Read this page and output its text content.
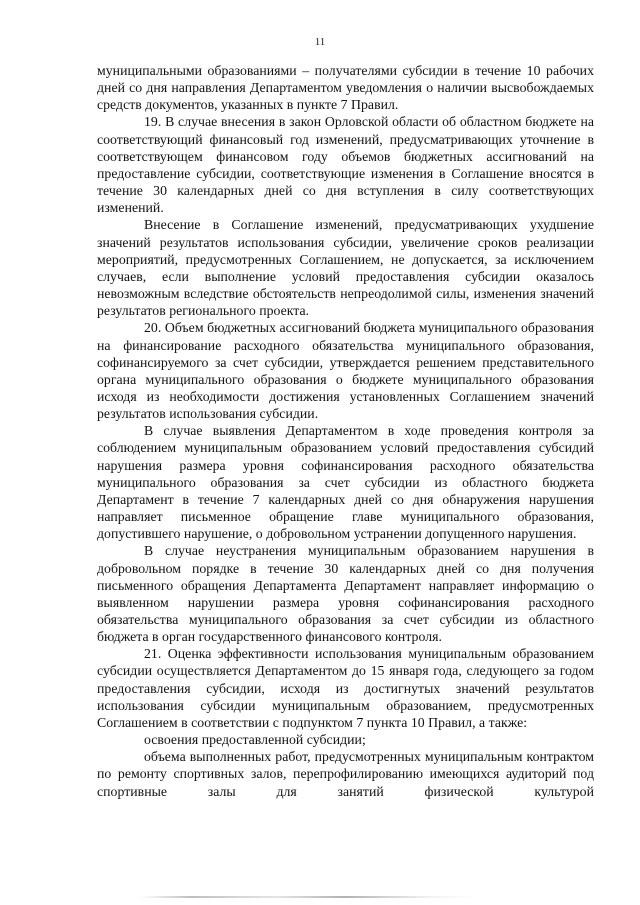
11

муниципальными образованиями – получателями субсидии в течение 10 рабочих дней со дня направления Департаментом уведомления о наличии высвобождаемых средств документов, указанных в пункте 7 Правил.

19. В случае внесения в закон Орловской области об областном бюджете на соответствующий финансовый год изменений, предусматривающих уточнение в соответствующем финансовом году объемов бюджетных ассигнований на предоставление субсидии, соответствующие изменения в Соглашение вносятся в течение 30 календарных дней со дня вступления в силу соответствующих изменений.

Внесение в Соглашение изменений, предусматривающих ухудшение значений результатов использования субсидии, увеличение сроков реализации мероприятий, предусмотренных Соглашением, не допускается, за исключением случаев, если выполнение условий предоставления субсидии оказалось невозможным вследствие обстоятельств непреодолимой силы, изменения значений результатов регионального проекта.

20. Объем бюджетных ассигнований бюджета муниципального образования на финансирование расходного обязательства муниципального образования, софинансируемого за счет субсидии, утверждается решением представительного органа муниципального образования о бюджете муниципального образования исходя из необходимости достижения установленных Соглашением значений результатов использования субсидии.

В случае выявления Департаментом в ходе проведения контроля за соблюдением муниципальным образованием условий предоставления субсидий нарушения размера уровня софинансирования расходного обязательства муниципального образования за счет субсидии из областного бюджета Департамент в течение 7 календарных дней со дня обнаружения нарушения направляет письменное обращение главе муниципального образования, допустившего нарушение, о добровольном устранении допущенного нарушения.

В случае неустранения муниципальным образованием нарушения в добровольном порядке в течение 30 календарных дней со дня получения письменного обращения Департамента Департамент направляет информацию о выявленном нарушении размера уровня софинансирования расходного обязательства муниципального образования за счет субсидии из областного бюджета в орган государственного финансового контроля.

21. Оценка эффективности использования муниципальным образованием субсидии осуществляется Департаментом до 15 января года, следующего за годом предоставления субсидии, исходя из достигнутых значений результатов использования субсидии муниципальным образованием, предусмотренных Соглашением в соответствии с подпунктом 7 пункта 10 Правил, а также:

освоения предоставленной субсидии;

объема выполненных работ, предусмотренных муниципальным контрактом по ремонту спортивных залов, перепрофилированию имеющихся аудиторий под спортивные залы для занятий физической культурой
